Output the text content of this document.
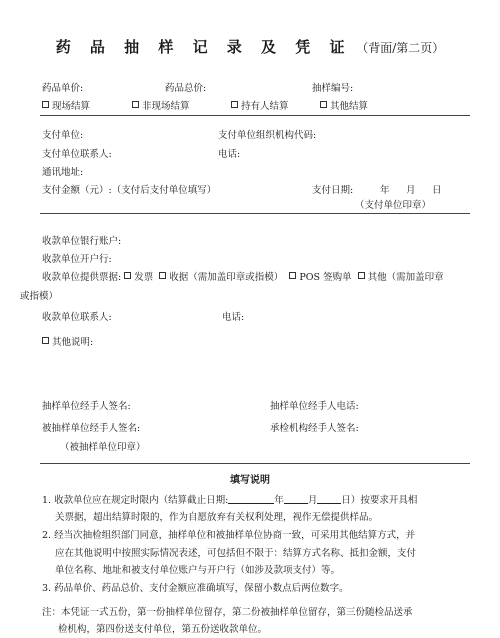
药 品 抽 样 记 录 及 凭 证 （背面/第二页）
药品单价:	药品总价:	抽样编号:
现场结算	非现场结算	持有人结算	其他结算
支付单位:	支付单位组织机构代码:
支付单位联系人:	电话:
通讯地址:
支付金额（元）:（支付后支付单位填写）	支付日期:	年 月 日
（支付单位印章）
收款单位银行账户:
收款单位开户行:
收款单位提供票据: 发票 收据（需加盖印章或指模） POS 签购单 其他（需加盖印章
或指模）
收款单位联系人:	电话:
其他说明:
抽样单位经手人签名:	抽样单位经手人电话:
被抽样单位经手人签名:	承检机构经手人签名:
（被抽样单位印章）
填写说明
1. 收款单位应在规定时限内（结算截止日期:	年	月	日）按要求开具相
关票据，超出结算时限的，作为自愿放弃有关权利处理，视作无偿提供样品。
2. 经当次抽检组织部门同意，抽样单位和被抽样单位协商一致，可采用其他结算方式，并
应在其他说明中按照实际情况表述，可包括但不限于：结算方式名称、抵扣金额，支付
单位名称、地址和被支付单位账户与开户行（如涉及款项支付）等。
3. 药品单价、药品总价、支付金额应准确填写，保留小数点后两位数字。
注：本凭证一式五份，第一份抽样单位留存，第二份被抽样单位留存，第三份随检品送承
检机构，第四份送支付单位，第五份送收款单位。
